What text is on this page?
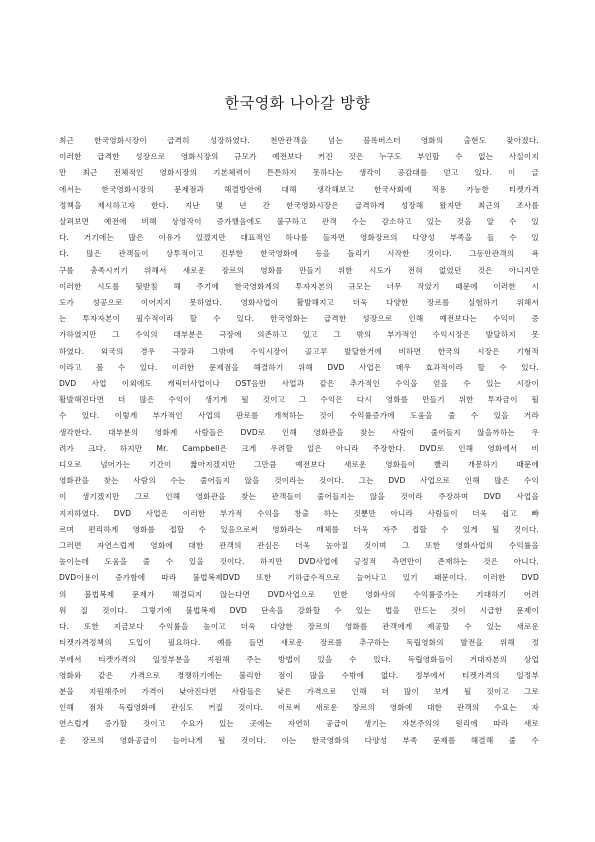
한국영화 나아갈 방향
최근 한국영화시장이 급격히 성장하였다. 천만관객을 넘는 블록버스터 영화의 출현도 잦아졌다.
이러한 급격한 성장으로 영화시장의 규모가 예전보다 커진 것은 누구도 부인할 수 없는 사실이지
만 최근 전체적인 영화시장의 기본체력이 튼튼하지 못하다는 생각이 공감대를 얻고 있다. 이 글
에서는 한국영화시장의 문제점과 해결방안에 대해 생각해보고 한국사회에 적용 가능한 티켓가격
정책을 제시하고자 한다. 지난 몇 년 간 한국영화시장은 급격하게 성장해 왔지만 최근의 조사를
살펴보면 예전에 비해 상영작이 증가했음에도 불구하고 관객 수는 감소하고 있는 것을 알 수 있
다. 거기에는 많은 이유가 있겠지만 대표적인 하나를 들자면 영화장르의 다양성 부족을 들 수 있
다. 많은 관객들이 상투적이고 진부한 한국영화에 등을 돌리기 시작한 것이다. 그동안관객의 욕
구를 충족시키기 위해서 새로운 장르의 영화를 만들기 위한 시도가 전혀 없었던 것은 아니지만
이러한 시도를 뒷받침 해 주기에 한국영화계의 투자자본의 규모는 너무 작았기 때문에 이러한 시
도가 성공으로 이어지지 못하였다. 영화사업이 활발해지고 더욱 다양한 장르를 실험하기 위해서
는 투자자본이 필수적이라 할 수 있다. 한국영화는 급격한 성장으로 인해 예전보다는 수익이 증
가하였지만 그 수익의 대부분은 극장에 의존하고 있고 그 밖의 부가적인 수익시장은 발달하지 못
하였다. 외국의 경우 극장과 그밖에 수익시장이 골고루 발달한거에 비하면 한국의 시장은 기형적
이라고 볼 수 있다. 이러한 문제점을 해결하기 위해 DVD 사업은 매우 효과적이라 할 수 있다.
DVD 사업 이외에도 캐릭터사업이나 OST음반 사업과 같은 추가적인 수익을 얻을 수 있는 시장이
활발해진다면 더 많은 수익이 생기게 될 것이고 그 수익은 다시 영화를 만들기 위한 투자금이 될
수 있다. 이렇게 부가적인 사업의 판로를 개척하는 것이 수익률증가에 도움을 줄 수 있을 거라
생각한다. 대부분의 영화계 사람들은 DVD로 인해 영화관을 찾는 사람이 줄어들지 않을까하는 우
려가 크다. 하지만 Mr. Campbell은 크게 우려할 일은 아니라 주장한다. DVD로 인해 영화에서 비
디오로 넘어가는 기간이 짧아지겠지만 그만큼 예전보다 새로운 영화들이 빨리 개봉하기 때문에
영화관을 찾는 사람의 수는 줄어들지 않을 것이라는 것이다. 그는 DVD 사업으로 인해 많은 수익
이 생기겠지만 그로 인해 영화관을 찾는 관객들이 줄어들지는 않을 것이라 주장하며 DVD 사업을
지지하였다. DVD 사업은 이러한 부가적 수익을 창출 하는 것뿐만 아니라 사람들이 더욱 쉽고 빠
르며 편리하게 영화를 접할 수 있음으로써 영화라는 매체를 더욱 자주 접할 수 있게 될 것이다.
그러면 자연스럽게 영화에 대한 관객의 관심은 더욱 높아질 것이며 그 또한 영화사업의 수익률을
높이는데 도움을 줄 수 있을 것이다. 하지만 DVD사업에 긍정적 측면만이 존재하는 것은 아니다.
DVD이용이 증가함에 따라 불법복제DVD 또한 기하급수적으로 늘어나고 있기 때문이다. 이러한 DVD
의 불법복제 문제가 해결되지 않는다면 DVD사업으로 인한 영화사의 수익률증가는 기대하기 어려
워 질 것이다. 그렇기에 불법복제 DVD 단속을 강화할 수 있는 법을 만드는 것이 시급한 문제이
다. 또한 지금보다 수익률을 높이고 더욱 다양한 장르의 영화를 관객에게 제공할 수 있는 새로운
티켓가격정책의 도입이 필요하다. 예를 들면 새로운 장르를 추구하는 독립영화의 발전을 위해 정
부에서 티켓가격의 일정부분을 지원해 주는 방법이 있을 수 있다. 독립영화들이 거대자본의 상업
영화와 같은 가격으로 경쟁하기에는 불리한 점이 많을 수밖에 없다. 정부에서 티켓가격의 일정부
분을 지원해주어 가격이 낮아진다면 사람들은 낮은 가격으로 인해 더 많이 보게 될 것이고 그로
인해 점차 독립영화에 관심도 커질 것이다. 이로써 새로운 장르의 영화에 대한 관객의 수요는 자
연스럽게 증가할 것이고 수요가 있는 곳에는 자연히 공급이 생기는 자본주의의 원리에 따라 새로
운 장르의 영화공급이 늘어나게 될 것이다. 이는 한국영화의 다양성 부족 문제를 해결해 줄 수
